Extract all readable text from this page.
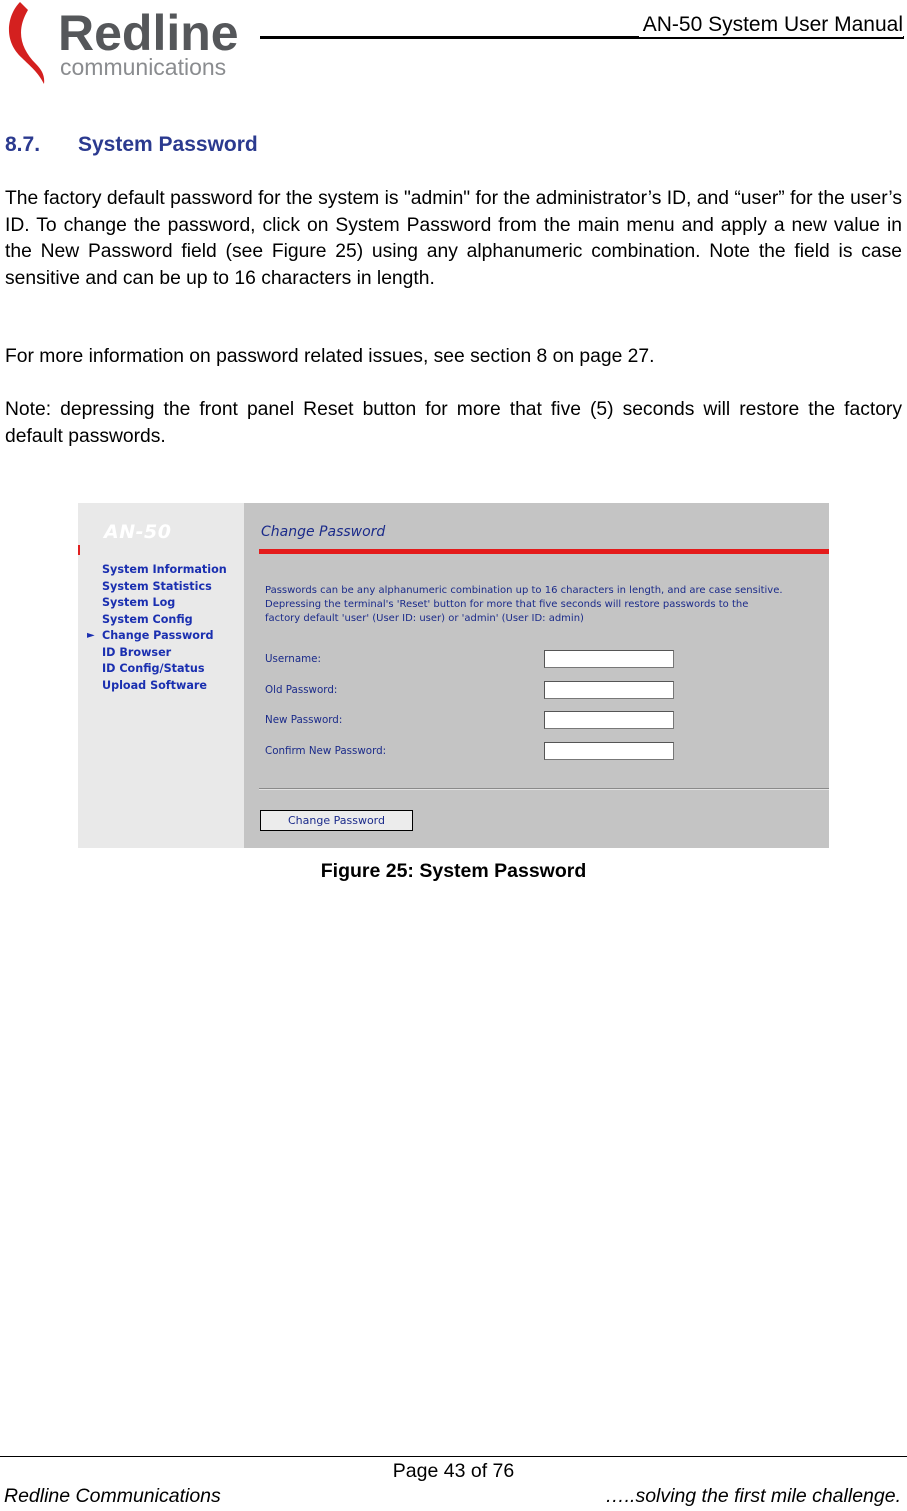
Redline
communications
AN-50 System User Manual
8.7. System Password

The factory default password for the system is "admin" for the administrator’s ID, and “user” for the user’s ID. To change the password, click on System Password from the main menu and apply a new value in the New Password field (see Figure 25) using any alphanumeric combination. Note the field is case sensitive and can be up to 16 characters in length.

For more information on password related issues, see section 8 on page 27.

Note: depressing the front panel Reset button for more that five (5) seconds will restore the factory default passwords.

AN-50
System Information
System Statistics
System Log
System Config
► Change Password
ID Browser
ID Config/Status
Upload Software
Change Password

Passwords can be any alphanumeric combination up to 16 characters in length, and are case sensitive.
Depressing the terminal's 'Reset' button for more that five seconds will restore passwords to the
factory default 'user' (User ID: user) or 'admin' (User ID: admin)

Username:
Old Password:
New Password:
Confirm New Password:
Change Password
Figure 25: System Password
Page 43 of 76
Redline Communications	…..solving the first mile challenge.
